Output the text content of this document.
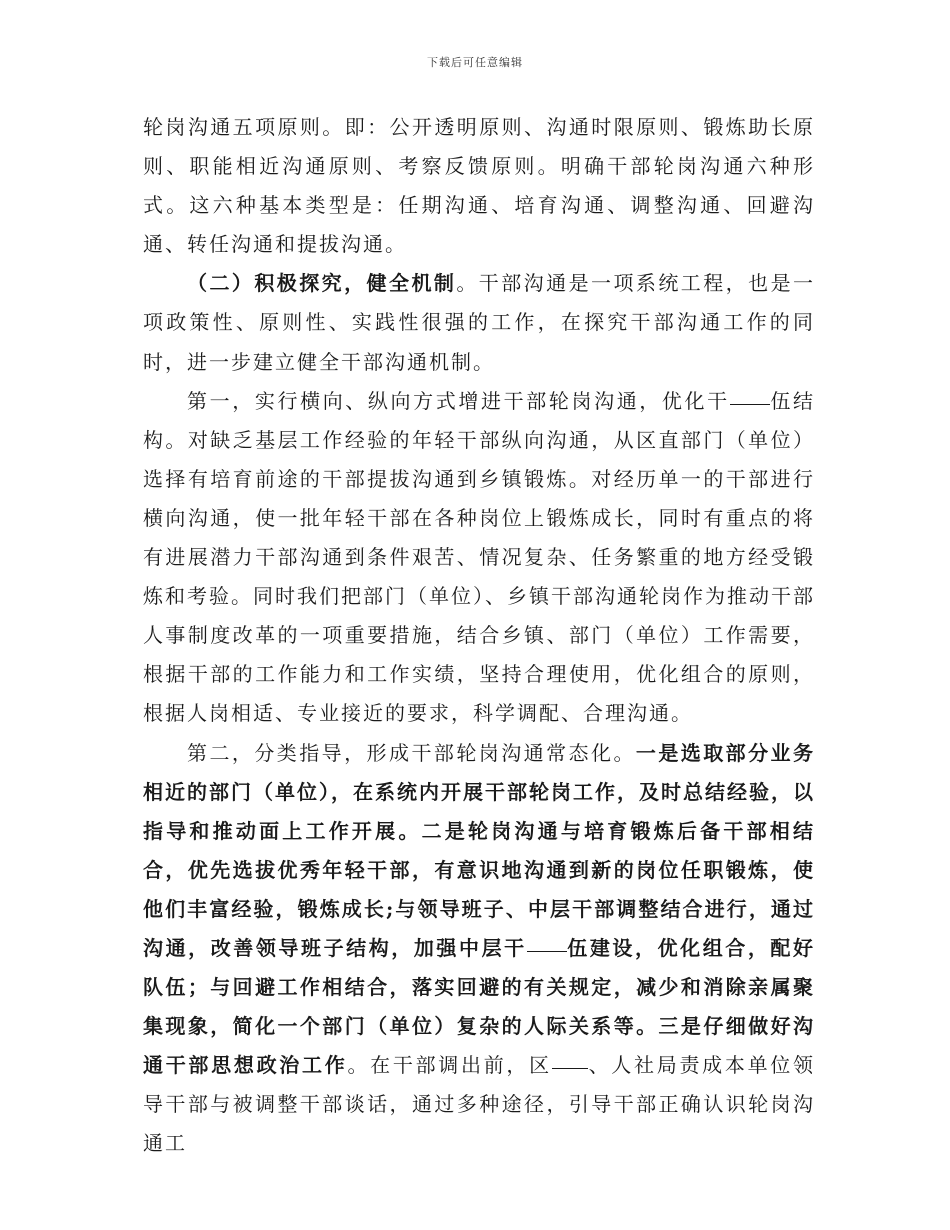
下载后可任意编辑

轮岗沟通五项原则。即：公开透明原则、沟通时限原则、锻炼助长原则、职能相近沟通原则、考察反馈原则。明确干部轮岗沟通六种形式。这六种基本类型是：任期沟通、培育沟通、调整沟通、回避沟通、转任沟通和提拔沟通。

（二）积极探究，健全机制。干部沟通是一项系统工程，也是一项政策性、原则性、实践性很强的工作，在探究干部沟通工作的同时，进一步建立健全干部沟通机制。

第一，实行横向、纵向方式增进干部轮岗沟通，优化干 伍结构。对缺乏基层工作经验的年轻干部纵向沟通，从区直部门（单位）选择有培育前途的干部提拔沟通到乡镇锻炼。对经历单一的干部进行横向沟通，使一批年轻干部在各种岗位上锻炼成长，同时有重点的将有进展潜力干部沟通到条件艰苦、情况复杂、任务繁重的地方经受锻炼和考验。同时我们把部门（单位）、乡镇干部沟通轮岗作为推动干部人事制度改革的一项重要措施，结合乡镇、部门（单位）工作需要，根据干部的工作能力和工作实绩，坚持合理使用，优化组合的原则，根据人岗相适、专业接近的要求，科学调配、合理沟通。

第二，分类指导，形成干部轮岗沟通常态化。一是选取部分业务相近的部门（单位），在系统内开展干部轮岗工作，及时总结经验，以指导和推动面上工作开展。二是轮岗沟通与培育锻炼后备干部相结合，优先选拔优秀年轻干部，有意识地沟通到新的岗位任职锻炼，使他们丰富经验，锻炼成长;与领导班子、中层干部调整结合进行，通过沟通，改善领导班子结构，加强中层干 伍建设，优化组合，配好队伍；与回避工作相结合，落实回避的有关规定，减少和消除亲属聚集现象，简化一个部门（单位）复杂的人际关系等。三是仔细做好沟通干部思想政治工作。在干部调出前，区 、人社局责成本单位领导干部与被调整干部谈话，通过多种途径，引导干部正确认识轮岗沟通工
